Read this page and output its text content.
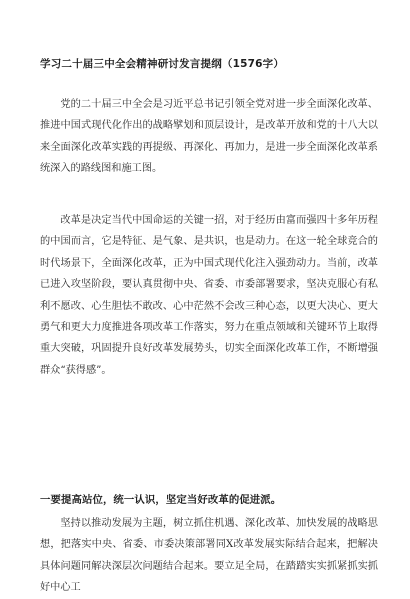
学习二十届三中全会精神研讨发言提纲（1576字）

党的二十届三中全会是习近平总书记引领全党对进一步全面深化改革、推进中国式现代化作出的战略擘划和顶层设计，是改革开放和党的十八大以来全面深化改革实践的再提级、再深化、再加力，是进一步全面深化改革系统深入的路线图和施工图。

改革是决定当代中国命运的关键一招，对于经历由富而强四十多年历程的中国而言，它是特征、是气象、是共识，也是动力。在这一轮全球竞合的时代场景下，全面深化改革，正为中国式现代化注入强劲动力。当前，改革已进入攻坚阶段，要认真贯彻中央、省委、市委部署要求，坚决克服心有私利不愿改、心生胆怯不敢改、心中茫然不会改三种心态，以更大决心、更大勇气和更大力度推进各项改革工作落实，努力在重点领域和关键环节上取得重大突破，巩固提升良好改革发展势头，切实全面深化改革工作，不断增强群众“获得感”。

一要提高站位，统一认识，坚定当好改革的促进派。

坚持以推动发展为主题，树立抓住机遇、深化改革、加快发展的战略思想，把落实中央、省委、市委决策部署同X改革发展实际结合起来，把解决具体问题同解决深层次问题结合起来。要立足全局，在踏踏实实抓紧抓实抓好中心工
